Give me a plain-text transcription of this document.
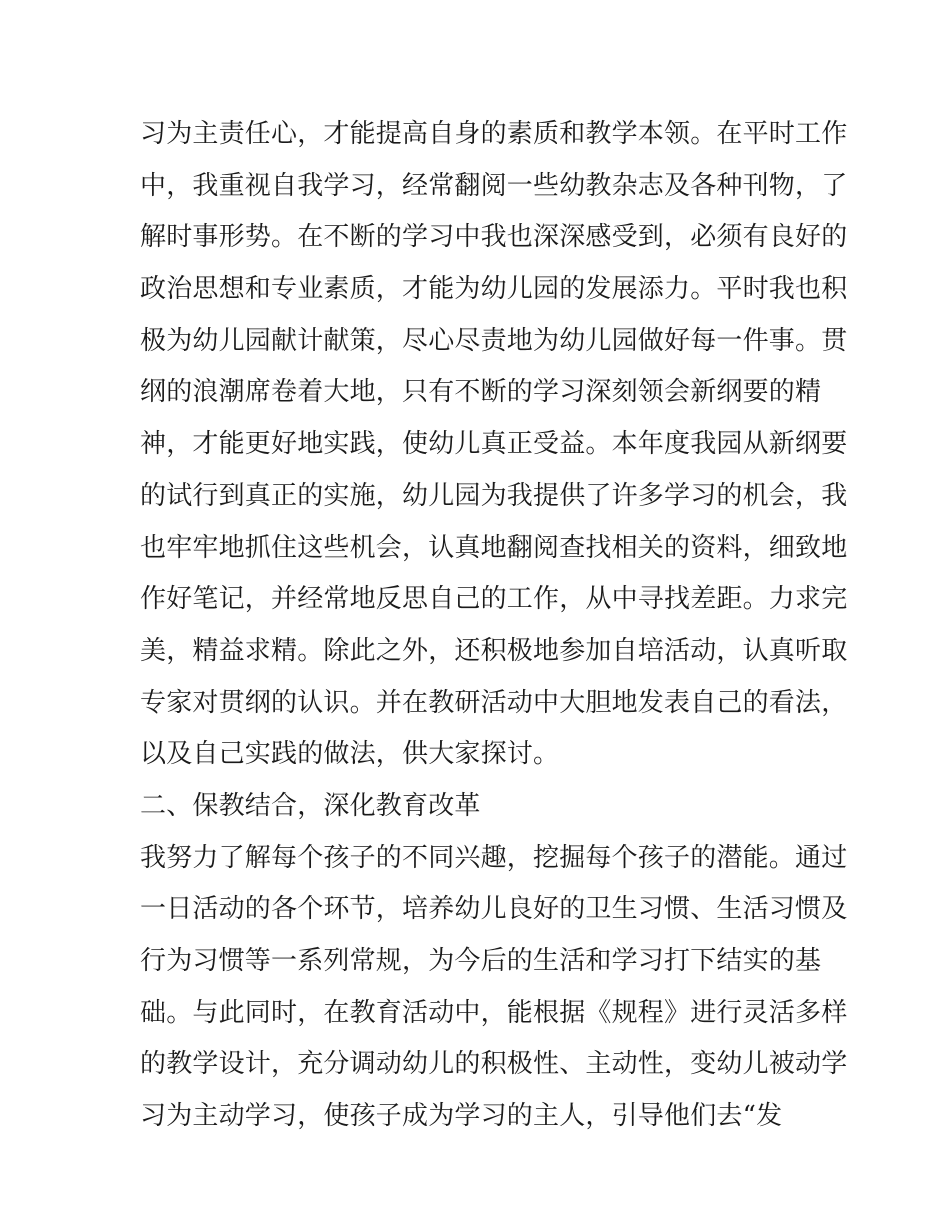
习为主责任心，才能提高自身的素质和教学本领。在平时工作
中，我重视自我学习，经常翻阅一些幼教杂志及各种刊物，了
解时事形势。在不断的学习中我也深深感受到，必须有良好的
政治思想和专业素质，才能为幼儿园的发展添力。平时我也积
极为幼儿园献计献策，尽心尽责地为幼儿园做好每一件事。贯
纲的浪潮席卷着大地，只有不断的学习深刻领会新纲要的精
神，才能更好地实践，使幼儿真正受益。本年度我园从新纲要
的试行到真正的实施，幼儿园为我提供了许多学习的机会，我
也牢牢地抓住这些机会，认真地翻阅查找相关的资料，细致地
作好笔记，并经常地反思自己的工作，从中寻找差距。力求完
美，精益求精。除此之外，还积极地参加自培活动，认真听取
专家对贯纲的认识。并在教研活动中大胆地发表自己的看法，
以及自己实践的做法，供大家探讨。
二、保教结合，深化教育改革
我努力了解每个孩子的不同兴趣，挖掘每个孩子的潜能。通过
一日活动的各个环节，培养幼儿良好的卫生习惯、生活习惯及
行为习惯等一系列常规，为今后的生活和学习打下结实的基
础。与此同时，在教育活动中，能根据《规程》进行灵活多样
的教学设计，充分调动幼儿的积极性、主动性，变幼儿被动学
习为主动学习，使孩子成为学习的主人，引导他们去“发
